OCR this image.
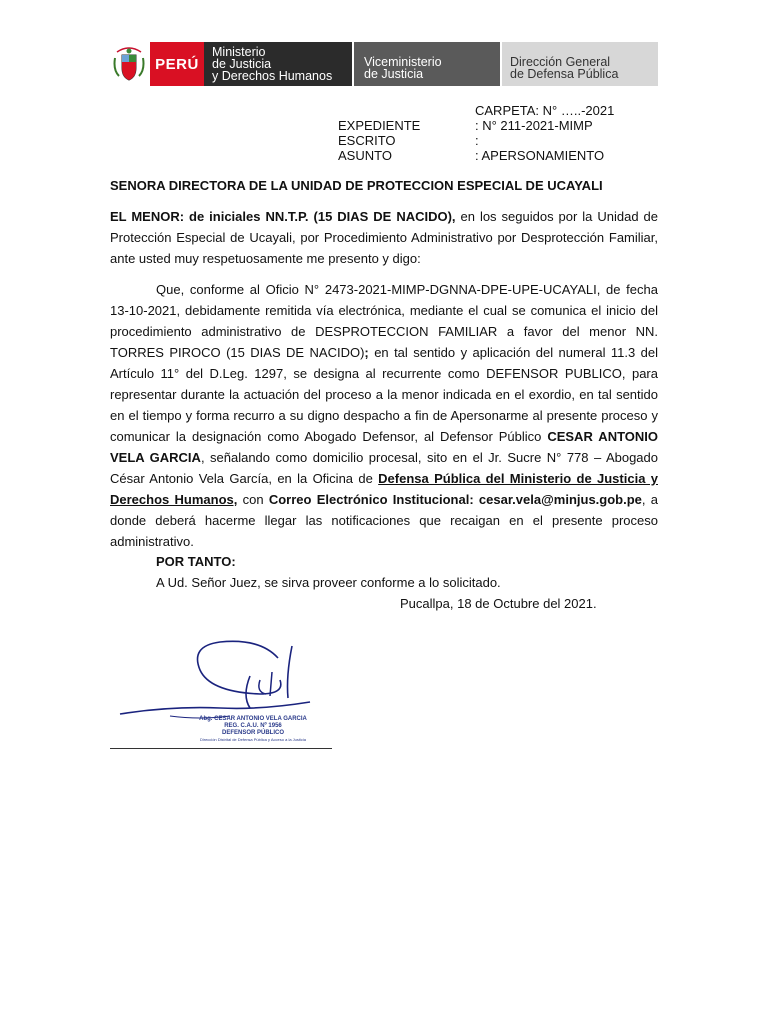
PERÚ
Ministerio
de Justicia
y Derechos Humanos
Viceministerio
de Justicia
Dirección General
de Defensa Pública
CARPETA: N° …..-2021
EXPEDIENTE	: N° 211-2021-MIMP
ESCRITO	:
ASUNTO	: APERSONAMIENTO
SENORA DIRECTORA DE LA UNIDAD DE PROTECCION ESPECIAL DE UCAYALI
EL MENOR: de iniciales NN.T.P. (15 DIAS DE NACIDO), en los seguidos por la Unidad de Protección Especial de Ucayali, por Procedimiento Administrativo por Desprotección Familiar, ante usted muy respetuosamente me presento y digo:
Que, conforme al Oficio N° 2473-2021-MIMP-DGNNA-DPE-UPE-UCAYALI, de fecha 13-10-2021, debidamente remitida vía electrónica, mediante el cual se comunica el inicio del procedimiento administrativo de DESPROTECCION FAMILIAR a favor del menor NN. TORRES PIROCO (15 DIAS DE NACIDO); en tal sentido y aplicación del numeral 11.3 del Artículo 11° del D.Leg. 1297, se designa al recurrente como DEFENSOR PUBLICO, para representar durante la actuación del proceso a la menor indicada en el exordio, en tal sentido en el tiempo y forma recurro a su digno despacho a fin de Apersonarme al presente proceso y comunicar la designación como Abogado Defensor, al Defensor Público CESAR ANTONIO VELA GARCIA, señalando como domicilio procesal, sito en el Jr. Sucre N° 778 – Abogado César Antonio Vela García, en la Oficina de Defensa Pública del Ministerio de Justicia y Derechos Humanos, con Correo Electrónico Institucional: cesar.vela@minjus.gob.pe, a donde deberá hacerme llegar las notificaciones que recaigan en el presente proceso administrativo.
POR TANTO:
A Ud. Señor Juez, se sirva proveer conforme a lo solicitado.
Pucallpa, 18 de Octubre del 2021.
Abg. CESAR ANTONIO VELA GARCIA
REG. C.A.U. Nº 1956
DEFENSOR PÚBLICO
Dirección Distrital de Defensa Pública y Acceso a la Justicia
